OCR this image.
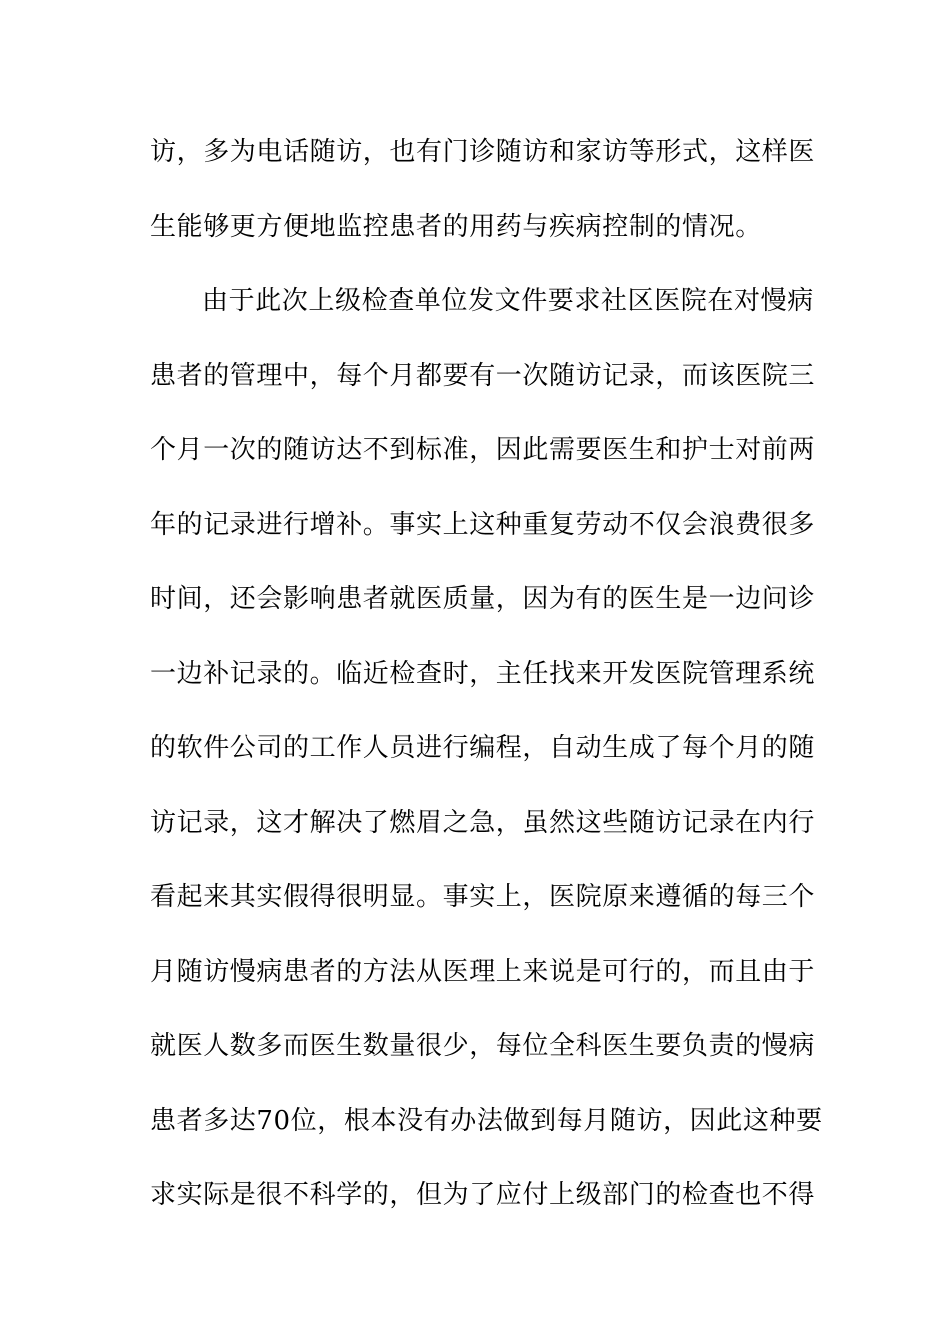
访，多为电话随访，也有门诊随访和家访等形式，这样医
生能够更方便地监控患者的用药与疾病控制的情况。
由于此次上级检查单位发文件要求社区医院在对慢病
患者的管理中，每个月都要有一次随访记录，而该医院三
个月一次的随访达不到标准，因此需要医生和护士对前两
年的记录进行增补。事实上这种重复劳动不仅会浪费很多
时间，还会影响患者就医质量，因为有的医生是一边问诊
一边补记录的。临近检查时，主任找来开发医院管理系统
的软件公司的工作人员进行编程，自动生成了每个月的随
访记录，这才解决了燃眉之急，虽然这些随访记录在内行
看起来其实假得很明显。事实上，医院原来遵循的每三个
月随访慢病患者的方法从医理上来说是可行的，而且由于
就医人数多而医生数量很少，每位全科医生要负责的慢病
患者多达70位，根本没有办法做到每月随访，因此这种要
求实际是很不科学的，但为了应付上级部门的检查也不得
